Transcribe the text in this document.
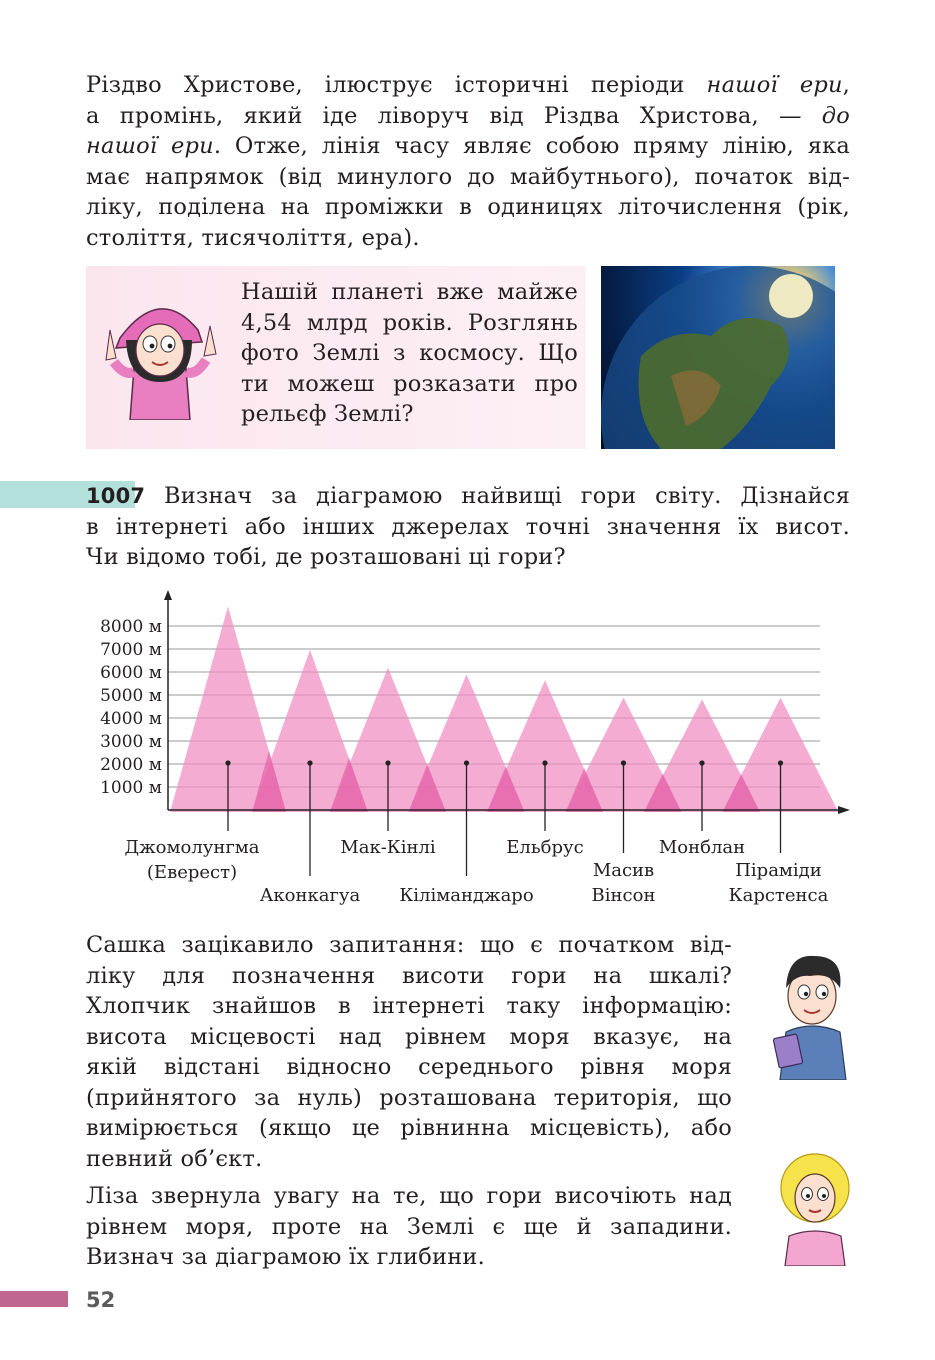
Різдво Христове, ілюструє історичні періоди нашої ери,
а промінь, який іде ліворуч від Різдва Христова, — до
нашої ери. Отже, лінія часу являє собою пряму лінію, яка
має напрямок (від минулого до майбутнього), початок від-
ліку, поділена на проміжки в одиницях літочислення (рік,
століття, тисячоліття, ера).
Нашій планеті вже майже
4,54 млрд років. Розглянь
фото Землі з космосу. Що
ти можеш розказати про
рельєф Землі?
1007 Визнач за діаграмою найвищі гори світу. Дізнайся
в інтернеті або інших джерелах точні значення їх висот.
Чи відомо тобі, де розташовані ці гори?
1000 м
2000 м
3000 м
4000 м
5000 м
6000 м
7000 м
8000 м
Джомолунгма
(Еверест)
Аконкагуа
Мак-Кінлі
Кіліманджаро
Ельбрус
Масив
Вінсон
Монблан
Піраміди
Карстенса
Сашка зацікавило запитання: що є початком від-
ліку для позначення висоти гори на шкалі?
Хлопчик знайшов в інтернеті таку інформацію:
висота місцевості над рівнем моря вказує, на
якій відстані відносно середнього рівня моря
(прийнятого за нуль) розташована територія, що
вимірюється (якщо це рівнинна місцевість), або
певний об’єкт.
Ліза звернула увагу на те, що гори височіють над
рівнем моря, проте на Землі є ще й западини.
Визнач за діаграмою їх глибини.
52
